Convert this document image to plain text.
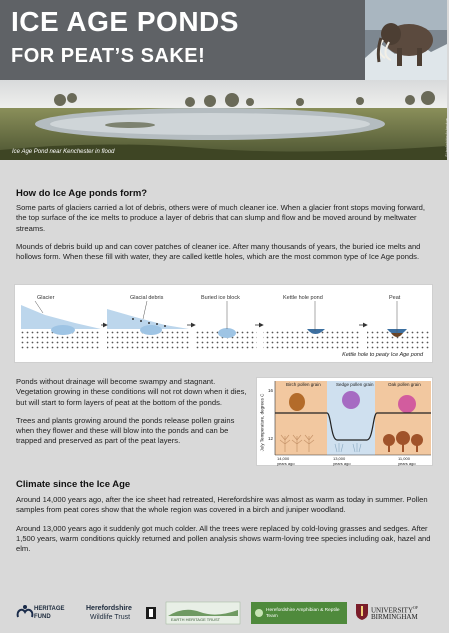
ICE AGE PONDS
FOR PEAT’S SAKE!
Ice Age Pond near Kenchester in flood	© Herefordshire Archaeology
How do Ice Age ponds form?

Some parts of glaciers carried a lot of debris, others were of much cleaner ice. When a glacier front stops moving forward, the top surface of the ice melts to produce a layer of debris that can slump and flow and be moved around by meltwater streams.

Mounds of debris build up and can cover patches of cleaner ice. After many thousands of years, the buried ice melts and hollows form. When these fill with water, they are called kettle holes, which are the most common type of Ice Age ponds.

Glacier	Glacial debris	Buried ice block	Kettle hole pond	Peat
Kettle hole to peaty Ice Age pond

Ponds without drainage will become swampy and stagnant. Vegetation growing in these conditions will not rot down when it dies, but will start to form layers of peat at the bottom of the ponds.

Trees and plants growing around the ponds release pollen grains when they flower and these will blow into the ponds and can be trapped and preserved as part of the peat layers.

Birch pollen grain	Sedge pollen grain	Oak pollen grain
16
12
July Temperature, degrees C
14,000
years ago
13,000
years ago
11,000
years ago
Climate since the Ice Age

Around 14,000 years ago, after the ice sheet had retreated, Herefordshire was almost as warm as today in summer. Pollen samples from peat cores show that the whole region was covered in a birch and juniper woodland.

Around 13,000 years ago it suddenly got much colder. All the trees were replaced by cold-loving grasses and sedges. After 1,500 years, warm conditions quickly returned and pollen analysis shows warm-loving tree species including oak, hazel and elm.

HERITAGE
FUND
Herefordshire
Wildlife Trust	EARTH HERITAGE TRUST
Herefordshire Amphibian & Reptile Team
$UNIVERSITY^{OF}$
BIRMINGHAM
